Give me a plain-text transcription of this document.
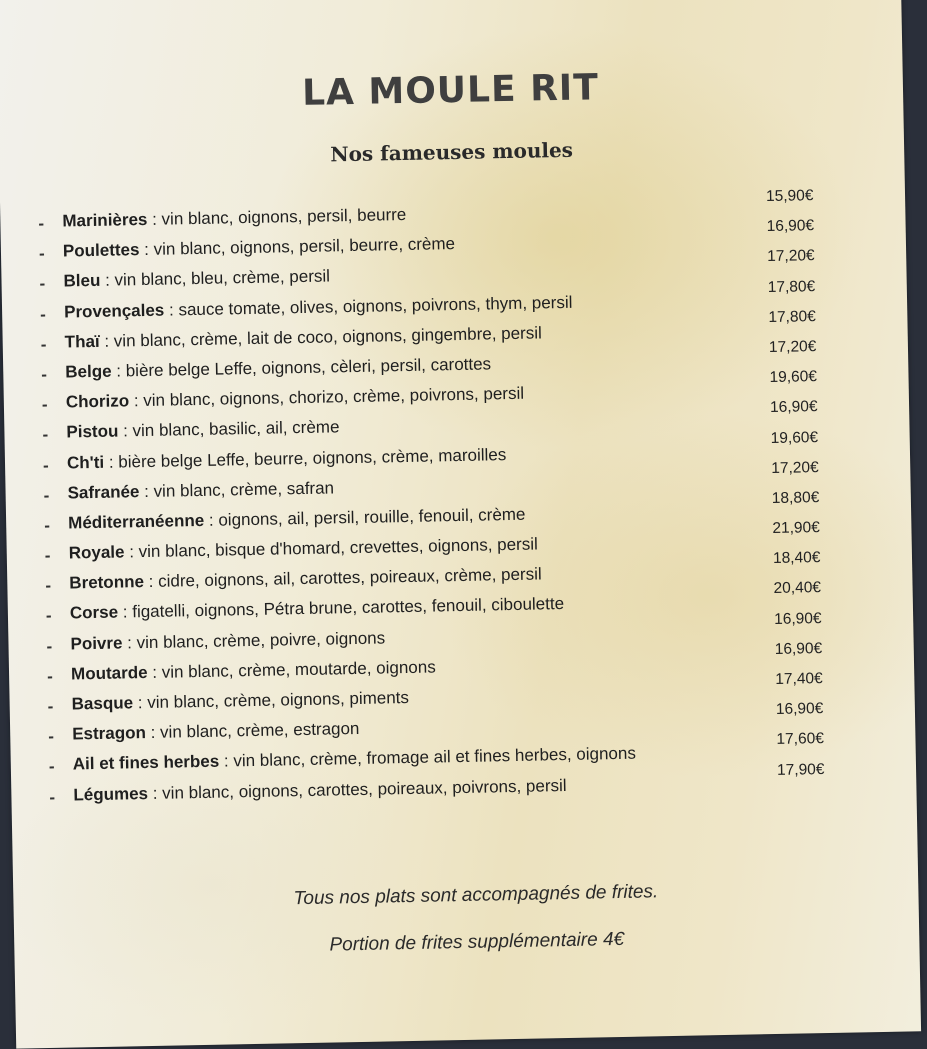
LA MOULE RIT
Nos fameuses moules
- Marinières : vin blanc, oignons, persil, beurre
15,90€
- Poulettes : vin blanc, oignons, persil, beurre, crème
16,90€
- Bleu : vin blanc, bleu, crème, persil
17,20€
- Provençales : sauce tomate, olives, oignons, poivrons, thym, persil
17,80€
- Thaï : vin blanc, crème, lait de coco, oignons, gingembre, persil
17,80€
- Belge : bière belge Leffe, oignons, cèleri, persil, carottes
17,20€
- Chorizo : vin blanc, oignons, chorizo, crème, poivrons, persil
19,60€
- Pistou : vin blanc, basilic, ail, crème
16,90€
- Ch'ti : bière belge Leffe, beurre, oignons, crème, maroilles
19,60€
- Safranée : vin blanc, crème, safran
17,20€
- Méditerranéenne : oignons, ail, persil, rouille, fenouil, crème
18,80€
- Royale : vin blanc, bisque d'homard, crevettes, oignons, persil
21,90€
- Bretonne : cidre, oignons, ail, carottes, poireaux, crème, persil
18,40€
- Corse : figatelli, oignons, Pétra brune, carottes, fenouil, ciboulette
20,40€
- Poivre : vin blanc, crème, poivre, oignons
16,90€
- Moutarde : vin blanc, crème, moutarde, oignons
16,90€
- Basque : vin blanc, crème, oignons, piments
17,40€
- Estragon : vin blanc, crème, estragon
16,90€
- Ail et fines herbes : vin blanc, crème, fromage ail et fines herbes, oignons
17,60€
- Légumes : vin blanc, oignons, carottes, poireaux, poivrons, persil
17,90€
Tous nos plats sont accompagnés de frites.
Portion de frites supplémentaire 4€
